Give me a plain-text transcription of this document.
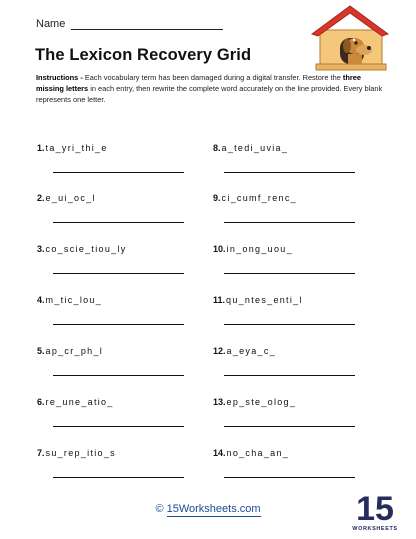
Name
The Lexicon Recovery Grid
Instructions - Each vocabulary term has been damaged during a digital transfer. Restore the three missing letters in each entry, then rewrite the complete word accurately on the line provided. Every blank represents one letter.
1.ta_yri_thi_e
2.e_ui_oc_l
3.co_scie_tiou_ly
4.m_tic_lou_
5.ap_cr_ph_l
6.re_une_atio_
7.su_rep_itio_s
8.a_tedi_uvia_
9.ci_cumf_renc_
10.in_ong_uou_
11.qu_ntes_enti_l
12.a_eya_c_
13.ep_ste_olog_
14.no_cha_an_
© 15Worksheets.com	15
WORKSHEETS
